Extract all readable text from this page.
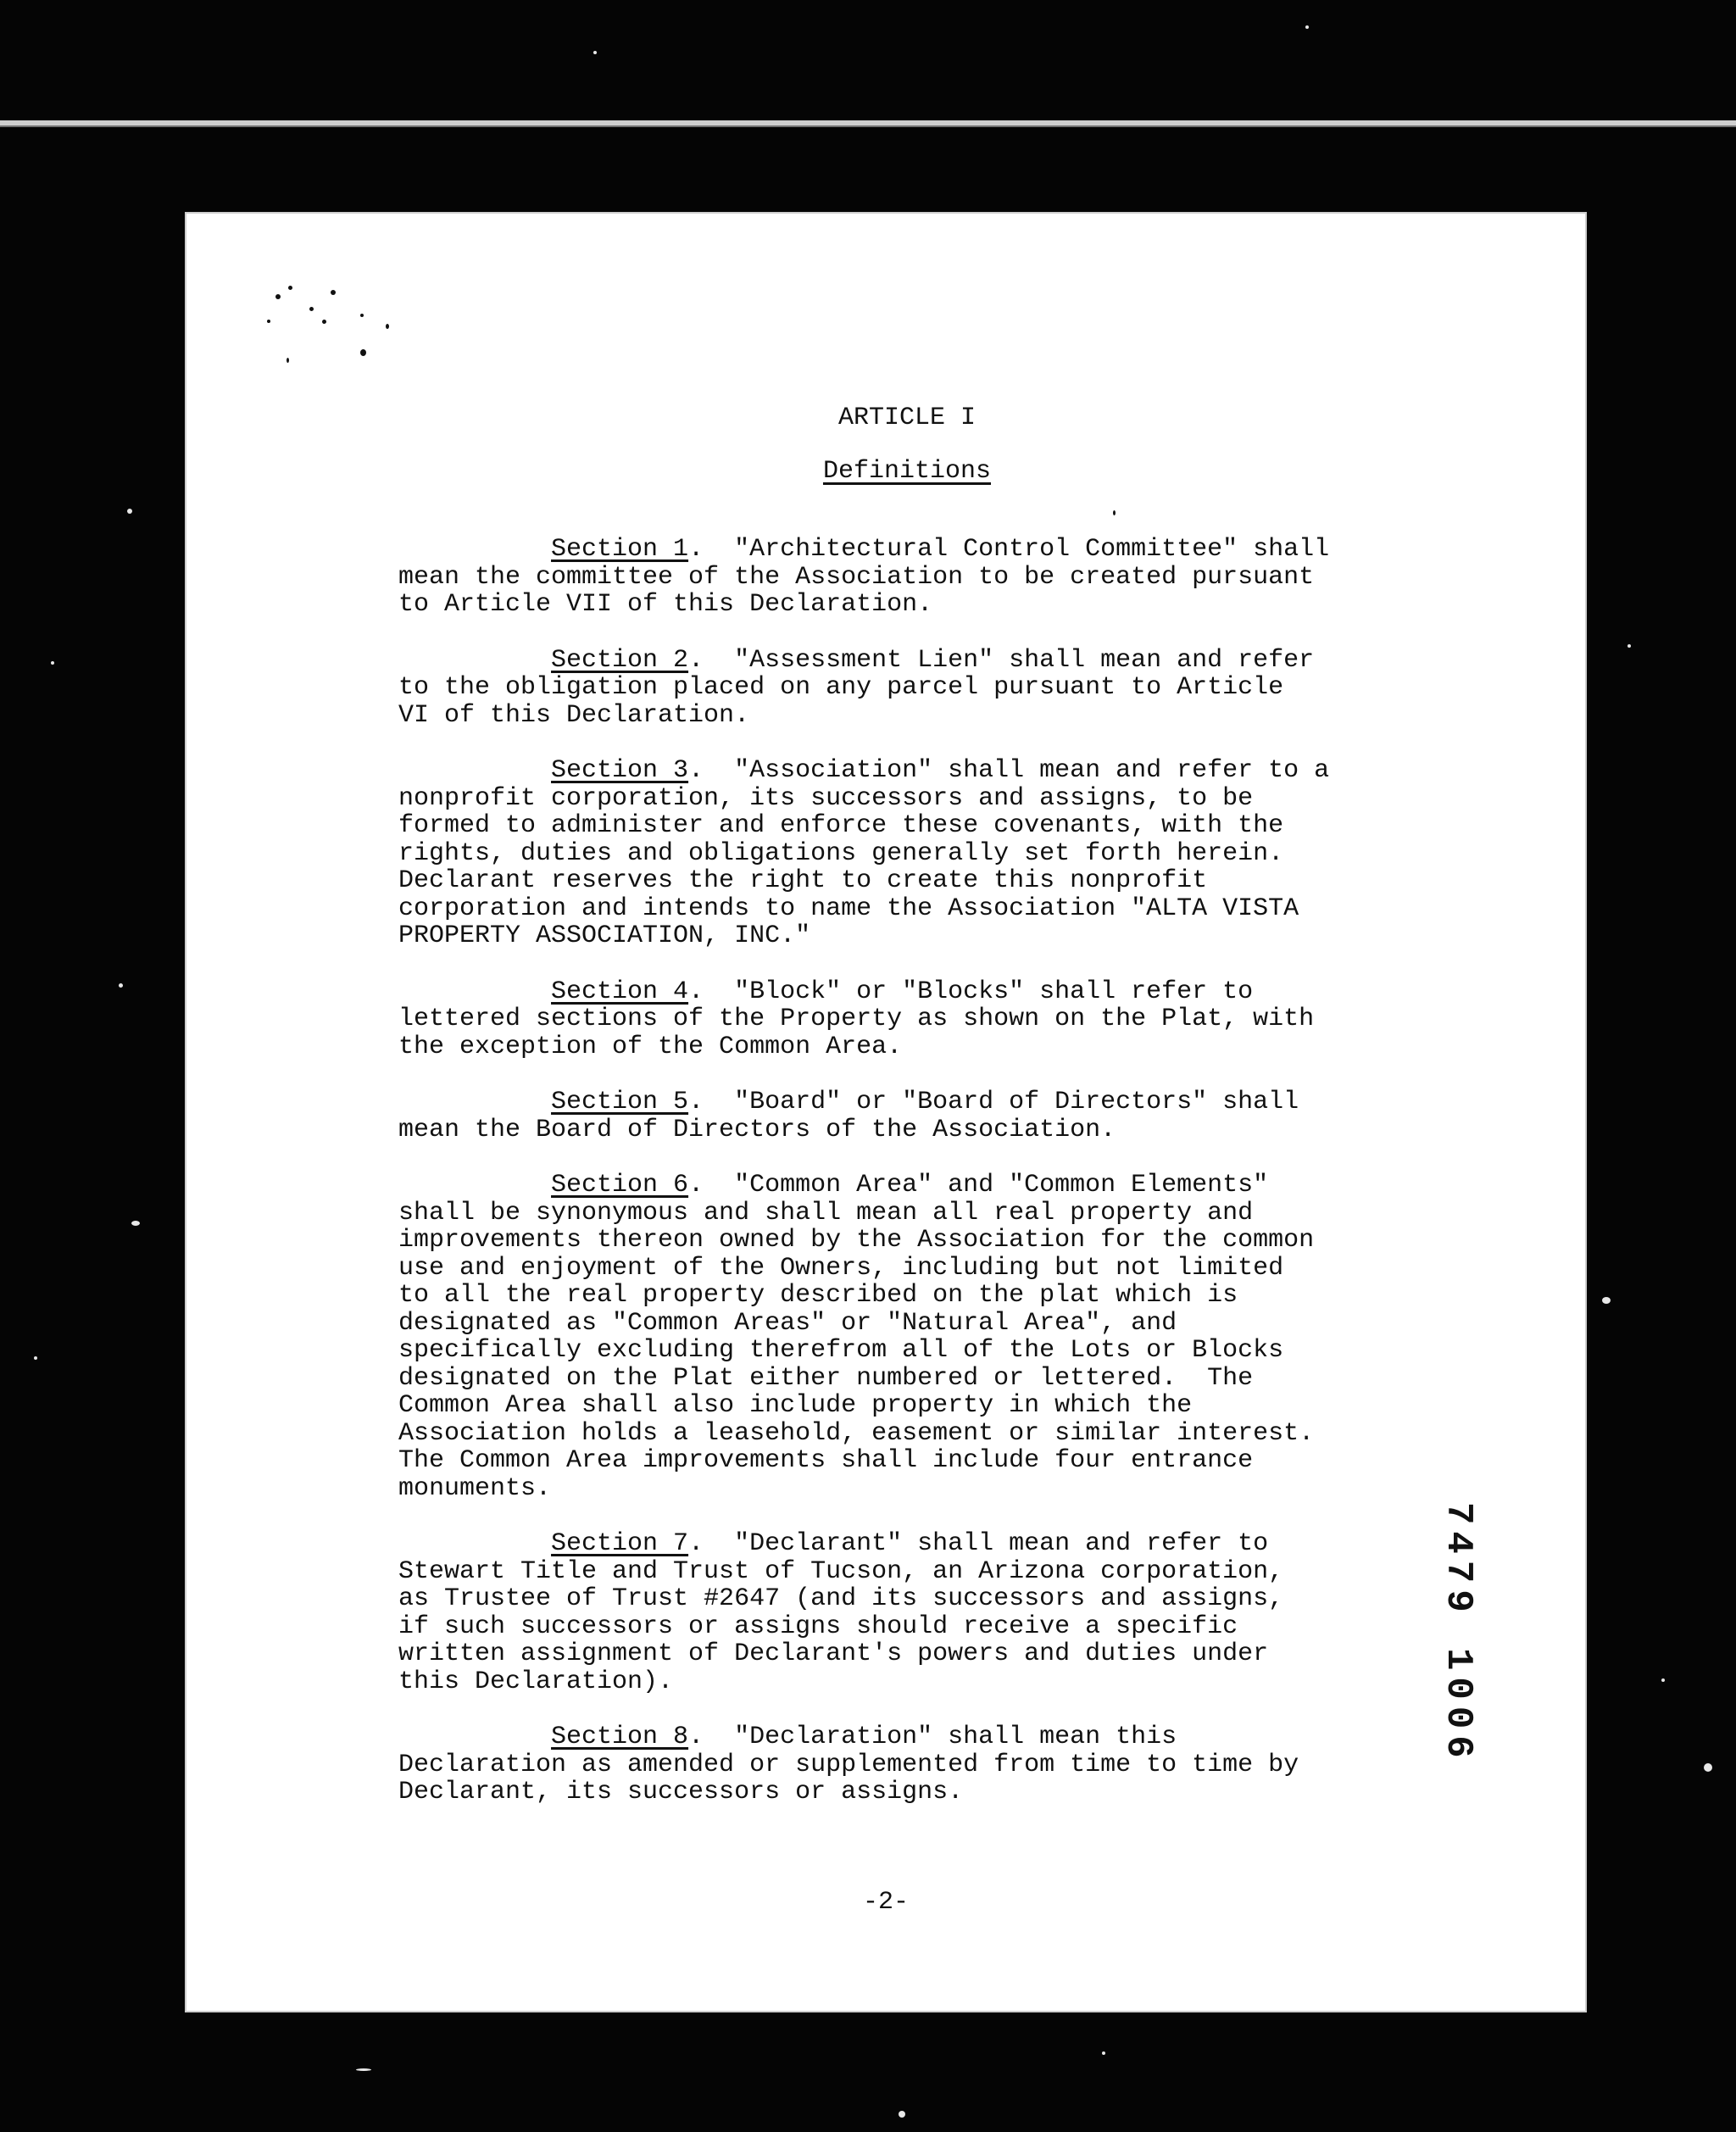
ARTICLE I
Definitions

Section 1.  "Architectural Control Committee" shall
mean the committee of the Association to be created pursuant
to Article VII of this Declaration.

Section 2.  "Assessment Lien" shall mean and refer
to the obligation placed on any parcel pursuant to Article
VI of this Declaration.

Section 3.  "Association" shall mean and refer to a
nonprofit corporation, its successors and assigns, to be
formed to administer and enforce these covenants, with the
rights, duties and obligations generally set forth herein.
Declarant reserves the right to create this nonprofit
corporation and intends to name the Association "ALTA VISTA
PROPERTY ASSOCIATION, INC."

Section 4.  "Block" or "Blocks" shall refer to
lettered sections of the Property as shown on the Plat, with
the exception of the Common Area.

Section 5.  "Board" or "Board of Directors" shall
mean the Board of Directors of the Association.

Section 6.  "Common Area" and "Common Elements"
shall be synonymous and shall mean all real property and
improvements thereon owned by the Association for the common
use and enjoyment of the Owners, including but not limited
to all the real property described on the plat which is
designated as "Common Areas" or "Natural Area", and
specifically excluding therefrom all of the Lots or Blocks
designated on the Plat either numbered or lettered.  The
Common Area shall also include property in which the
Association holds a leasehold, easement or similar interest.
The Common Area improvements shall include four entrance
monuments.

Section 7.  "Declarant" shall mean and refer to
Stewart Title and Trust of Tucson, an Arizona corporation,
as Trustee of Trust #2647 (and its successors and assigns,
if such successors or assigns should receive a specific
written assignment of Declarant's powers and duties under
this Declaration).

Section 8.  "Declaration" shall mean this
Declaration as amended or supplemented from time to time by
Declarant, its successors or assigns.

7479 1006
-2-
